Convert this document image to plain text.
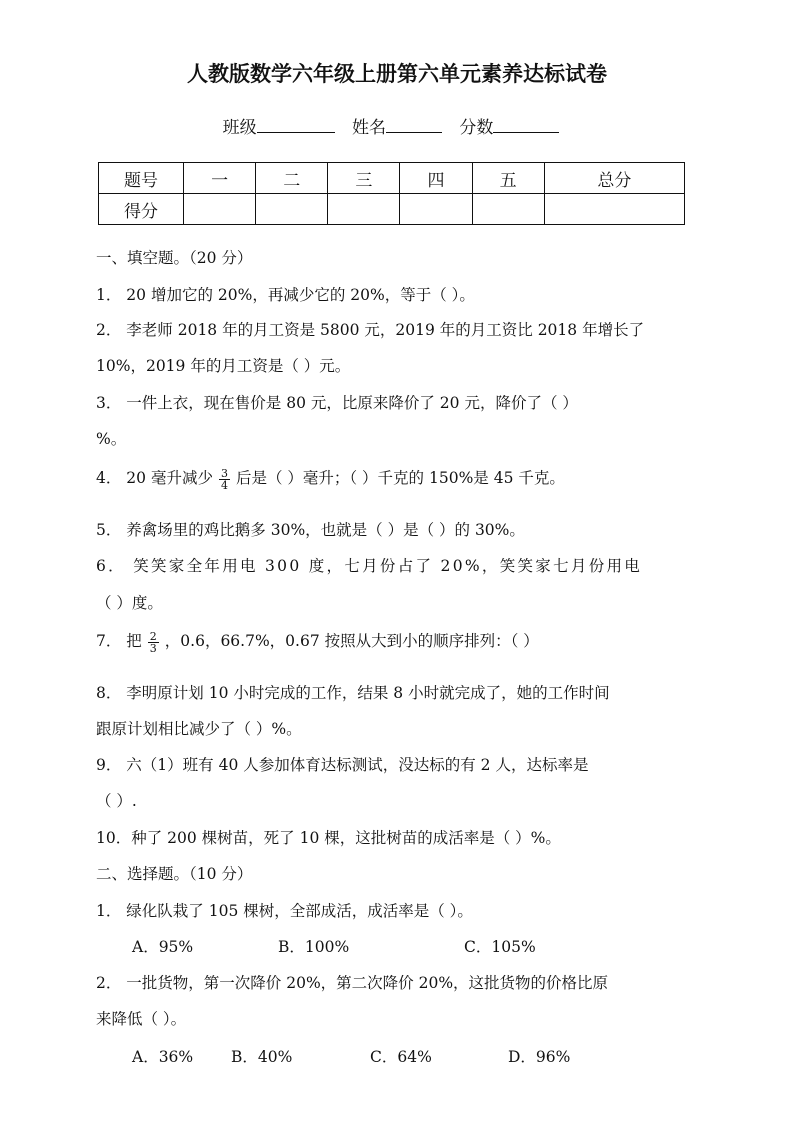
人教版数学六年级上册第六单元素养达标试卷
班级	姓名	分数
题号	一	二	三	四	五	总分
得分						
一、填空题。（20 分）
1． 20 增加它的 20%，再减少它的 20%，等于（ ）。
2． 李老师 2018 年的月工资是 5800 元，2019 年的月工资比 2018 年增长了
10%，2019 年的月工资是（ ）元。
3． 一件上衣，现在售价是 80 元，比原来降价了 20 元，降价了（ ）
%。
4． 20 毫升减少 $\frac{3}{4}$ 后是（ ）毫升；（ ）千克的 150%是 45 千克。
5． 养禽场里的鸡比鹅多 30%，也就是（ ）是（ ）的 30%。
6． 笑笑家全年用电 300 度，七月份占了 20%，笑笑家七月份用电
（ ）度。
7． 把 $\frac{2}{3}$ ，0.6，66.7%，0.67 按照从大到小的顺序排列：（ ）
8． 李明原计划 10 小时完成的工作，结果 8 小时就完成了，她的工作时间
跟原计划相比减少了（ ）%。
9． 六（1）班有 40 人参加体育达标测试，没达标的有 2 人，达标率是
（ ）.
10．种了 200 棵树苗，死了 10 棵，这批树苗的成活率是（ ）%。
二、选择题。（10 分）
1． 绿化队栽了 105 棵树，全部成活，成活率是（ ）。
A．95%	B．100%	C．105%
2． 一批货物，第一次降价 20%，第二次降价 20%，这批货物的价格比原
来降低（ ）。
A．36% B．40%	C．64%	D．96%
